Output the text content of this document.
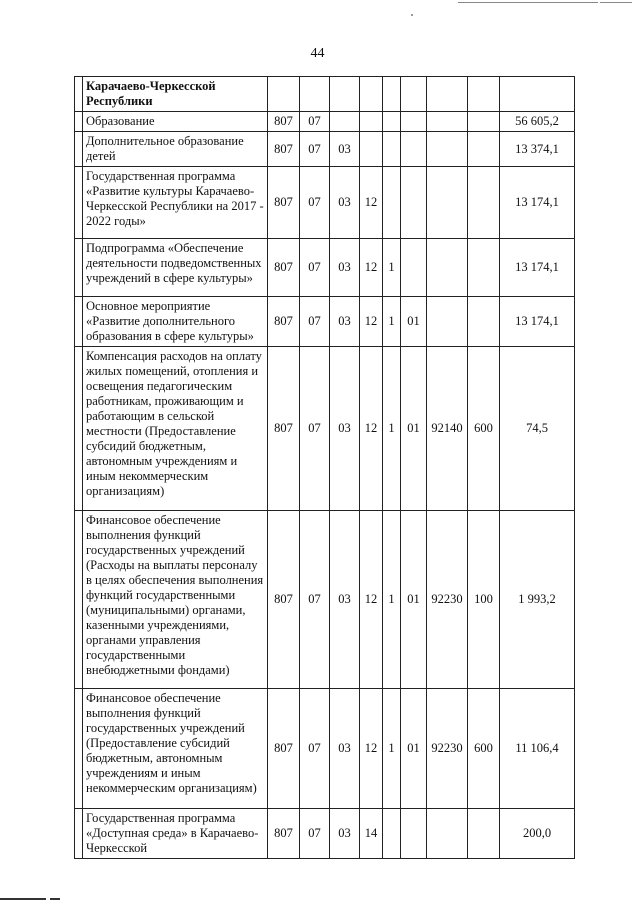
44
	Карачаево-Черкесской Республики									
	Образование	807	07							56 605,2
	Дополнительное образование детей	807	07	03						13 374,1
	Государственная программа «Развитие культуры Карачаево-Черкесской Республики на 2017 - 2022 годы»	807	07	03	12					13 174,1
	Подпрограмма «Обеспечение деятельности подведомственных учреждений в сфере культуры»	807	07	03	12	1				13 174,1
	Основное мероприятие «Развитие дополнительного образования в сфере культуры»	807	07	03	12	1	01			13 174,1
	Компенсация расходов на оплату жилых помещений, отопления и освещения педагогическим работникам, проживающим и работающим в сельской местности (Предоставление субсидий бюджетным, автономным учреждениям и иным некоммерческим организациям)	807	07	03	12	1	01	92140	600	74,5
	Финансовое обеспечение выполнения функций государственных учреждений (Расходы на выплаты персоналу в целях обеспечения выполнения функций государственными (муниципальными) органами, казенными учреждениями, органами управления государственными внебюджетными фондами)	807	07	03	12	1	01	92230	100	1 993,2
	Финансовое обеспечение выполнения функций государственных учреждений (Предоставление субсидий бюджетным, автономным учреждениям и иным некоммерческим организациям)	807	07	03	12	1	01	92230	600	11 106,4
	Государственная программа «Доступная среда» в Карачаево-Черкесской	807	07	03	14					200,0
